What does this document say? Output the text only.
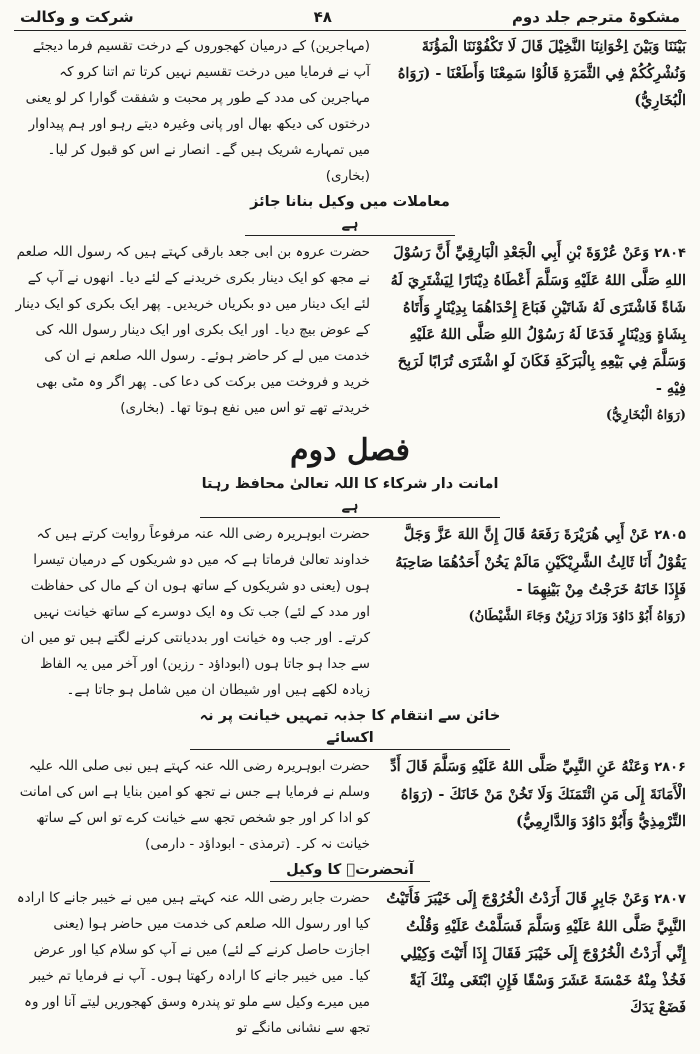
مشکوۃ مترجم جلد دوم
۴۸
شرکت و وکالت
بَيْنَنَا وَبَيْنَ اِخْوَانِنَا النَّخِيْلَ قَالَ لَا تَكْفُوْنَنَا الْمَؤُنَةَ وَنُشْرِكُكُمْ فِي الثَّمَرَةِ قَالُوْا سَمِعْنَا وَأَطَعْنَا - (رَوَاهُ الْبُخَارِيُّ)
(مہاجرین) کے درمیان کھجوروں کے درخت تقسیم فرما دیجئے آپ نے فرمایا میں درخت تقسیم نہیں کرتا تم اتنا کرو کہ مہاجرین کی مدد کے طور پر محبت و شفقت گوارا کر لو یعنی درختوں کی دیکھ بھال اور پانی وغیرہ دیتے رہو اور ہم پیداوار میں تمہارے شریک ہیں گے۔ انصار نے اس کو قبول کر لیا۔ (بخاری)
معاملات میں وکیل بنانا جائز ہے
۲۸۰۴ وَعَنْ عُرْوَةَ بْنِ أَبِي الْجَعْدِ الْبَارِقِيِّ أَنَّ رَسُوْلَ اللهِ صَلَّى اللهُ عَلَيْهِ وَسَلَّمَ أَعْطَاهُ دِيْنَارًا لِيَشْتَرِيَ لَهُ شَاةً فَاشْتَرَى لَهُ شَاتَيْنِ فَبَاعَ إِحْدَاهُمَا بِدِيْنَارٍ وَأَتَاهُ بِشَاةٍ وَدِيْنَارٍ فَدَعَا لَهُ رَسُوْلُ اللهِ صَلَّى اللهُ عَلَيْهِ وَسَلَّمَ فِي بَيْعِهِ بِالْبَرَكَةِ فَكَانَ لَوِ اشْتَرَى تُرَابًا لَرَبِحَ فِيْهِ -
(رَوَاهُ الْبُخَارِيُّ)
حضرت عروہ بن ابی جعد بارقی کہتے ہیں کہ رسول اللہ صلعم نے مجھ کو ایک دینار بکری خریدنے کے لئے دیا۔ انھوں نے آپ کے لئے ایک دینار میں دو بکریاں خریدیں۔ پھر ایک بکری کو ایک دینار کے عوض بیچ دیا۔ اور ایک بکری اور ایک دینار رسول اللہ کی خدمت میں لے کر حاضر ہوئے۔ رسول اللہ صلعم نے ان کی خرید و فروخت میں برکت کی دعا کی۔ پھر اگر وہ مٹی بھی خریدتے تھے تو اس میں نفع ہوتا تھا۔ (بخاری)
فصل دوم
امانت دار شرکاء کا اللہ تعالیٰ محافظ رہتا ہے
۲۸۰۵ عَنْ أَبِي هُرَيْرَةَ رَفَعَهُ قَالَ إِنَّ اللهَ عَزَّ وَجَلَّ يَقُوْلُ أَنَا ثَالِثُ الشَّرِيْكَيْنِ مَالَمْ يَخُنْ أَحَدُهُمَا صَاحِبَهُ فَإِذَا خَانَهُ خَرَجْتُ مِنْ بَيْنِهِمَا -
(رَوَاهُ أَبُوْ دَاوُدَ وَزَادَ رَزِيْنٌ وَجَاءَ الشَّيْطَانُ)
حضرت ابوہریرہ رضی اللہ عنہ مرفوعاً روایت کرتے ہیں کہ خداوند تعالیٰ فرماتا ہے کہ میں دو شریکوں کے درمیان تیسرا ہوں (یعنی دو شریکوں کے ساتھ ہوں ان کے مال کی حفاظت اور مدد کے لئے) جب تک وہ ایک دوسرے کے ساتھ خیانت نہیں کرتے۔ اور جب وہ خیانت اور بددیانتی کرنے لگتے ہیں تو میں ان سے جدا ہو جاتا ہوں (ابوداؤد - رزین) اور آخر میں یہ الفاظ زیادہ لکھے ہیں اور شیطان ان میں شامل ہو جاتا ہے۔
خائن سے انتقام کا جذبہ تمہیں خیانت پر نہ اکسائے
۲۸۰۶ وَعَنْهُ عَنِ النَّبِيِّ صَلَّى اللهُ عَلَيْهِ وَسَلَّمَ قَالَ أَدِّ الْأَمَانَةَ إِلَى مَنِ ائْتَمَنَكَ وَلَا تَخُنْ مَنْ خَانَكَ - (رَوَاهُ التِّرْمِذِيُّ وَأَبُوْ دَاوُدَ وَالدَّارِمِيُّ)
حضرت ابوہریرہ رضی اللہ عنہ کہتے ہیں نبی صلی اللہ علیہ وسلم نے فرمایا ہے جس نے تجھ کو امین بنایا ہے اس کی امانت کو ادا کر اور جو شخص تجھ سے خیانت کرے تو اس کے ساتھ خیانت نہ کر۔ (ترمذی - ابوداؤد - دارمی)
آنحضرتؐ کا وکیل
۲۸۰۷ وَعَنْ جَابِرٍ قَالَ أَرَدْتُ الْخُرُوْجَ إِلَى خَيْبَرَ فَأَتَيْتُ النَّبِيَّ صَلَّى اللهُ عَلَيْهِ وَسَلَّمَ فَسَلَّمْتُ عَلَيْهِ وَقُلْتُ إِنِّي أَرَدْتُ الْخُرُوْجَ إِلَى خَيْبَرَ فَقَالَ إِذَا أَتَيْتَ وَكِيْلِي فَخُذْ مِنْهُ خَمْسَةَ عَشَرَ وَسْقًا فَإِنِ ابْتَغَى مِنْكَ آيَةً فَضَعْ يَدَكَ
حضرت جابر رضی اللہ عنہ کہتے ہیں میں نے خیبر جانے کا ارادہ کیا اور رسول اللہ صلعم کی خدمت میں حاضر ہوا (یعنی اجازت حاصل کرنے کے لئے) میں نے آپ کو سلام کیا اور عرض کیا۔ میں خیبر جانے کا ارادہ رکھتا ہوں۔ آپ نے فرمایا تم خیبر میں میرے وکیل سے ملو تو پندرہ وسق کھجوریں لیتے آنا اور وہ تجھ سے نشانی مانگے تو
